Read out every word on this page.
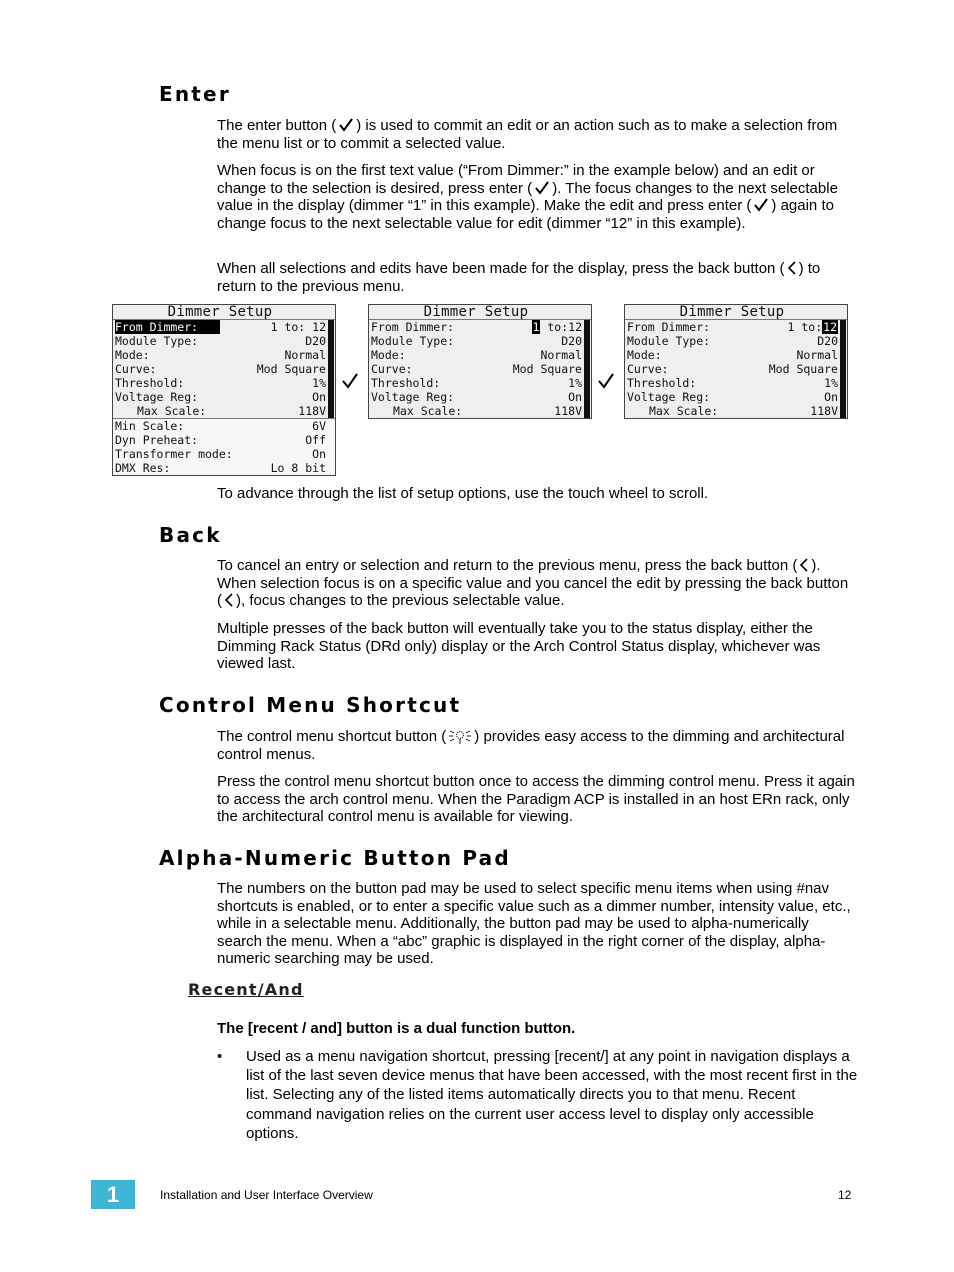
Enter

The enter button ( ) is used to commit an edit or an action such as to make a selection from the menu list or to commit a selected value.

When focus is on the first text value (“From Dimmer:” in the example below) and an edit or change to the selection is desired, press enter ( ). The focus changes to the next selectable value in the display (dimmer “1” in this example). Make the edit and press enter ( ) again to change focus to the next selectable value for edit (dimmer “12” in this example).

When all selections and edits have been made for the display, press the back button ( ) to return to the previous menu.

Dimmer Setup
From Dimmer:	1 to: 12
Module Type:	D20
Mode:	Normal
Curve:	Mod Square
Threshold:	1%
Voltage Reg:	On
Max Scale:	118V
Min Scale:	6V
Dyn Preheat:	Off
Transformer mode:	On
DMX Res:	Lo 8 bit
Dimmer Setup
From Dimmer:	1 to:12
Module Type:	D20
Mode:	Normal
Curve:	Mod Square
Threshold:	1%
Voltage Reg:	On
Max Scale:	118V
Dimmer Setup
From Dimmer:	1 to:12
Module Type:	D20
Mode:	Normal
Curve:	Mod Square
Threshold:	1%
Voltage Reg:	On
Max Scale:	118V

To advance through the list of setup options, use the touch wheel to scroll.

Back

To cancel an entry or selection and return to the previous menu, press the back button ( ). When selection focus is on a specific value and you cancel the edit by pressing the back button ( ), focus changes to the previous selectable value.

Multiple presses of the back button will eventually take you to the status display, either the Dimming Rack Status (DRd only) display or the Arch Control Status display, whichever was viewed last.

Control Menu Shortcut

The control menu shortcut button ( ) provides easy access to the dimming and architectural control menus.

Press the control menu shortcut button once to access the dimming control menu. Press it again to access the arch control menu. When the Paradigm ACP is installed in an host ERn rack, only the architectural control menu is available for viewing.

Alpha-Numeric Button Pad

The numbers on the button pad may be used to select specific menu items when using #nav shortcuts is enabled, or to enter a specific value such as a dimmer number, intensity value, etc., while in a selectable menu. Additionally, the button pad may be used to alpha-numerically search the menu. When a “abc” graphic is displayed in the right corner of the display, alpha-numeric searching may be used.

Recent/And

The [recent / and] button is a dual function button.

• Used as a menu navigation shortcut, pressing [recent/] at any point in navigation displays a list of the last seven device menus that have been accessed, with the most recent first in the list. Selecting any of the listed items automatically directs you to that menu. Recent command navigation relies on the current user access level to display only accessible options.

1	Installation and User Interface Overview	12
